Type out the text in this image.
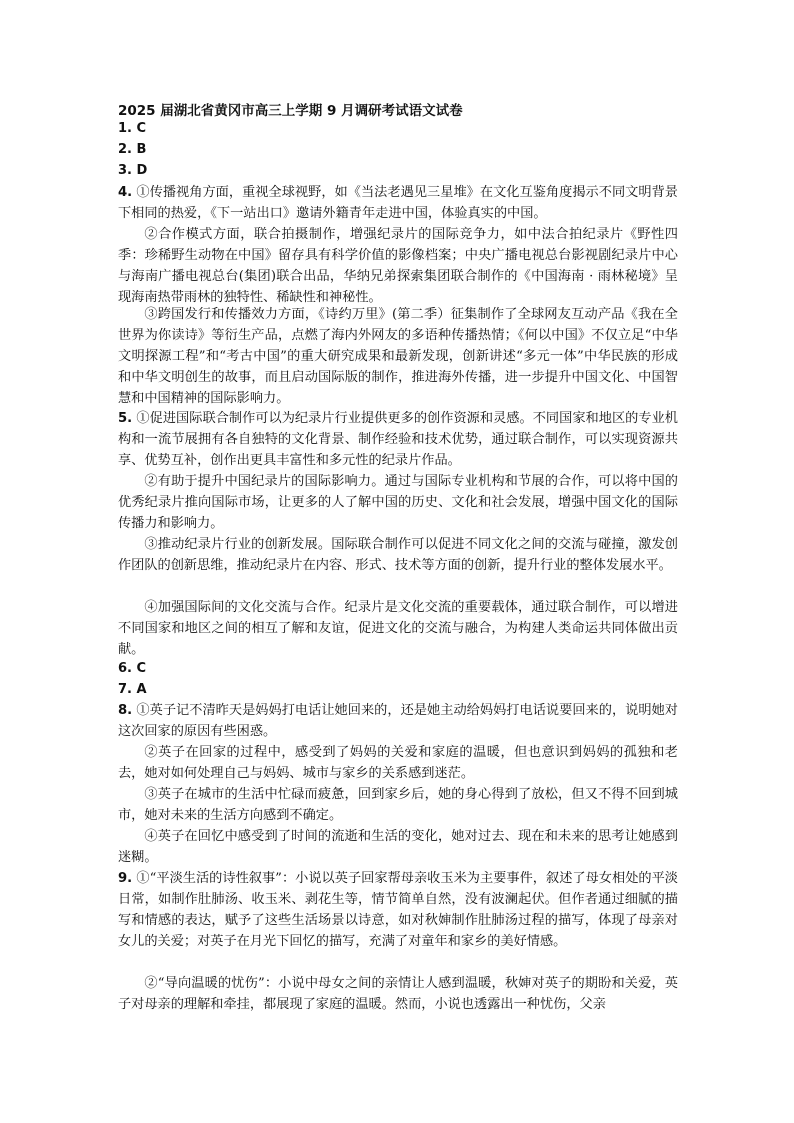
2025 届湖北省黄冈市高三上学期 9 月调研考试语文试卷
1. C
2. B
3. D
4. ①传播视角方面，重视全球视野，如《当法老遇见三星堆》在文化互鉴角度揭示不同文明背景下相同的热爱，《下一站出口》邀请外籍青年走进中国，体验真实的中国。
②合作模式方面，联合拍摄制作，增强纪录片的国际竞争力，如中法合拍纪录片《野性四季：珍稀野生动物在中国》留存具有科学价值的影像档案；中央广播电视总台影视剧纪录片中心与海南广播电视总台(集团)联合出品，华纳兄弟探索集团联合制作的《中国海南 · 雨林秘境》呈现海南热带雨林的独特性、稀缺性和神秘性。
③跨国发行和传播效力方面，《诗约万里》(第二季）征集制作了全球网友互动产品《我在全世界为你读诗》等衍生产品，点燃了海内外网友的多语种传播热情；《何以中国》不仅立足“中华文明探源工程”和“考古中国”的重大研究成果和最新发现，创新讲述“多元一体”中华民族的形成和中华文明创生的故事，而且启动国际版的制作，推进海外传播，进一步提升中国文化、中国智慧和中国精神的国际影响力。
5. ①促进国际联合制作可以为纪录片行业提供更多的创作资源和灵感。不同国家和地区的专业机构和一流节展拥有各自独特的文化背景、制作经验和技术优势，通过联合制作，可以实现资源共享、优势互补，创作出更具丰富性和多元性的纪录片作品。
②有助于提升中国纪录片的国际影响力。通过与国际专业机构和节展的合作，可以将中国的优秀纪录片推向国际市场，让更多的人了解中国的历史、文化和社会发展，增强中国文化的国际传播力和影响力。
③推动纪录片行业的创新发展。国际联合制作可以促进不同文化之间的交流与碰撞，激发创作团队的创新思维，推动纪录片在内容、形式、技术等方面的创新，提升行业的整体发展水平。
④加强国际间的文化交流与合作。纪录片是文化交流的重要载体，通过联合制作，可以增进不同国家和地区之间的相互了解和友谊，促进文化的交流与融合，为构建人类命运共同体做出贡献。
6. C
7. A
8. ①英子记不清昨天是妈妈打电话让她回来的，还是她主动给妈妈打电话说要回来的，说明她对这次回家的原因有些困惑。
②英子在回家的过程中，感受到了妈妈的关爱和家庭的温暖，但也意识到妈妈的孤独和老去，她对如何处理自己与妈妈、城市与家乡的关系感到迷茫。
③英子在城市的生活中忙碌而疲惫，回到家乡后，她的身心得到了放松，但又不得不回到城市，她对未来的生活方向感到不确定。
④英子在回忆中感受到了时间的流逝和生活的变化，她对过去、现在和未来的思考让她感到迷糊。
9. ①“平淡生活的诗性叙事”：小说以英子回家帮母亲收玉米为主要事件，叙述了母女相处的平淡日常，如制作肚肺汤、收玉米、剥花生等，情节简单自然，没有波澜起伏。但作者通过细腻的描写和情感的表达，赋予了这些生活场景以诗意，如对秋婶制作肚肺汤过程的描写，体现了母亲对女儿的关爱；对英子在月光下回忆的描写，充满了对童年和家乡的美好情感。
②“导向温暖的忧伤”：小说中母女之间的亲情让人感到温暖，秋婶对英子的期盼和关爱，英子对母亲的理解和牵挂，都展现了家庭的温暖。然而，小说也透露出一种忧伤，父亲
